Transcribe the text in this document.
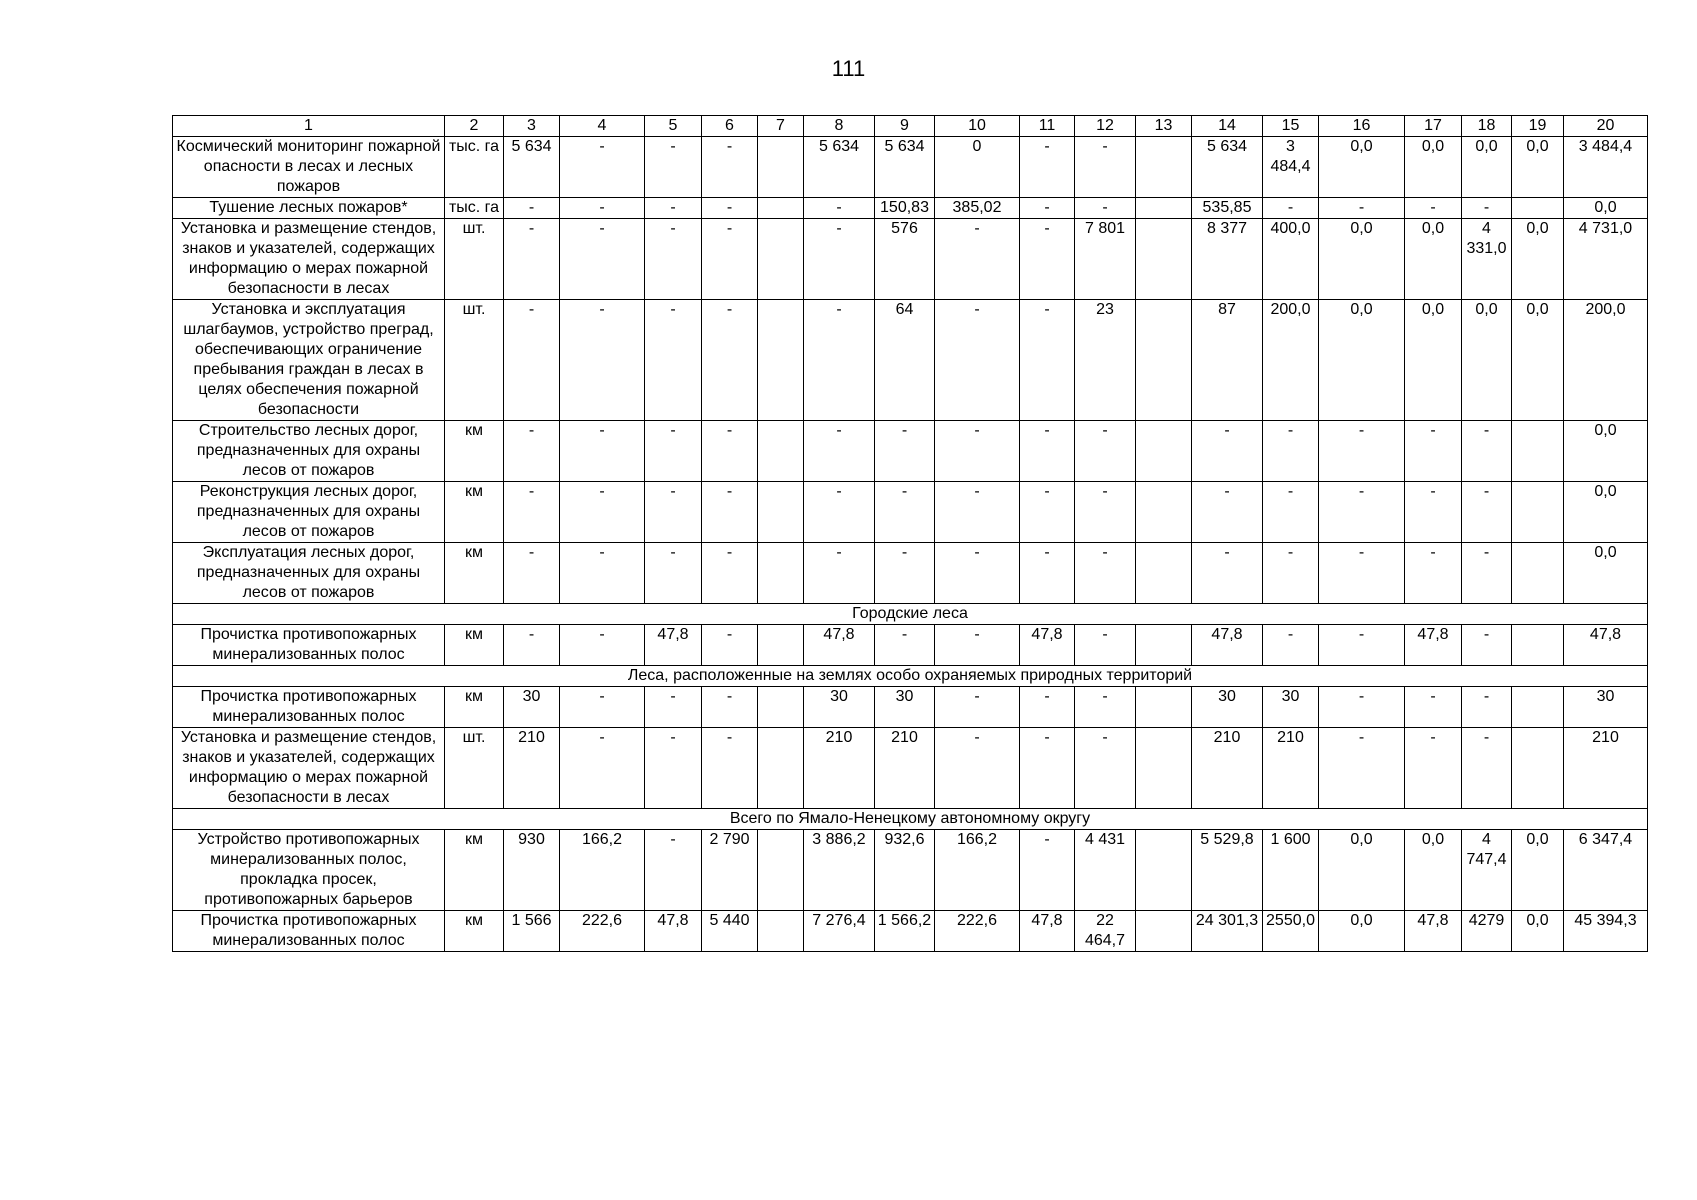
111
1	2	3	4	5	6	7	8	9	10	11	12	13	14	15	16	17	18	19	20
Космический мониторинг пожарной опасности в лесах и лесных пожаров	тыс. га	5 634	-	-	-		5 634	5 634	0	-	-		5 634	3 484,4	0,0	0,0	0,0	0,0	3 484,4
Тушение лесных пожаров*	тыс. га	-	-	-	-		-	150,83	385,02	-	-		535,85	-	-	-	-		0,0
Установка и размещение стендов, знаков и указателей, содержащих информацию о мерах пожарной безопасности в лесах	шт.	-	-	-	-		-	576	-	-	7 801		8 377	400,0	0,0	0,0	4 331,0	0,0	4 731,0
Установка и эксплуатация шлагбаумов, устройство преград, обеспечивающих ограничение пребывания граждан в лесах в целях обеспечения пожарной безопасности	шт.	-	-	-	-		-	64	-	-	23		87	200,0	0,0	0,0	0,0	0,0	200,0
Строительство лесных дорог, предназначенных для охраны лесов от пожаров	км	-	-	-	-		-	-	-	-	-		-	-	-	-	-		0,0
Реконструкция лесных дорог, предназначенных для охраны лесов от пожаров	км	-	-	-	-		-	-	-	-	-		-	-	-	-	-		0,0
Эксплуатация лесных дорог, предназначенных для охраны лесов от пожаров	км	-	-	-	-		-	-	-	-	-		-	-	-	-	-		0,0
Городские леса																			
Прочистка противопожарных минерализованных полос	км	-	-	47,8	-		47,8	-	-	47,8	-		47,8	-	-	47,8	-		47,8
Леса, расположенные на землях особо охраняемых природных территорий																			
Прочистка противопожарных минерализованных полос	км	30	-	-	-		30	30	-	-	-		30	30	-	-	-		30
Установка и размещение стендов, знаков и указателей, содержащих информацию о мерах пожарной безопасности в лесах	шт.	210	-	-	-		210	210	-	-	-		210	210	-	-	-		210
Всего по Ямало-Ненецкому автономному округу																			
Устройство противопожарных минерализованных полос, прокладка просек, противопожарных барьеров	км	930	166,2	-	2 790		3 886,2	932,6	166,2	-	4 431		5 529,8	1 600	0,0	0,0	4 747,4	0,0	6 347,4
Прочистка противопожарных минерализованных полос	км	1 566	222,6	47,8	5 440		7 276,4	1 566,2	222,6	47,8	22 464,7		24 301,3	2550,0	0,0	47,8	4279	0,0	45 394,3
